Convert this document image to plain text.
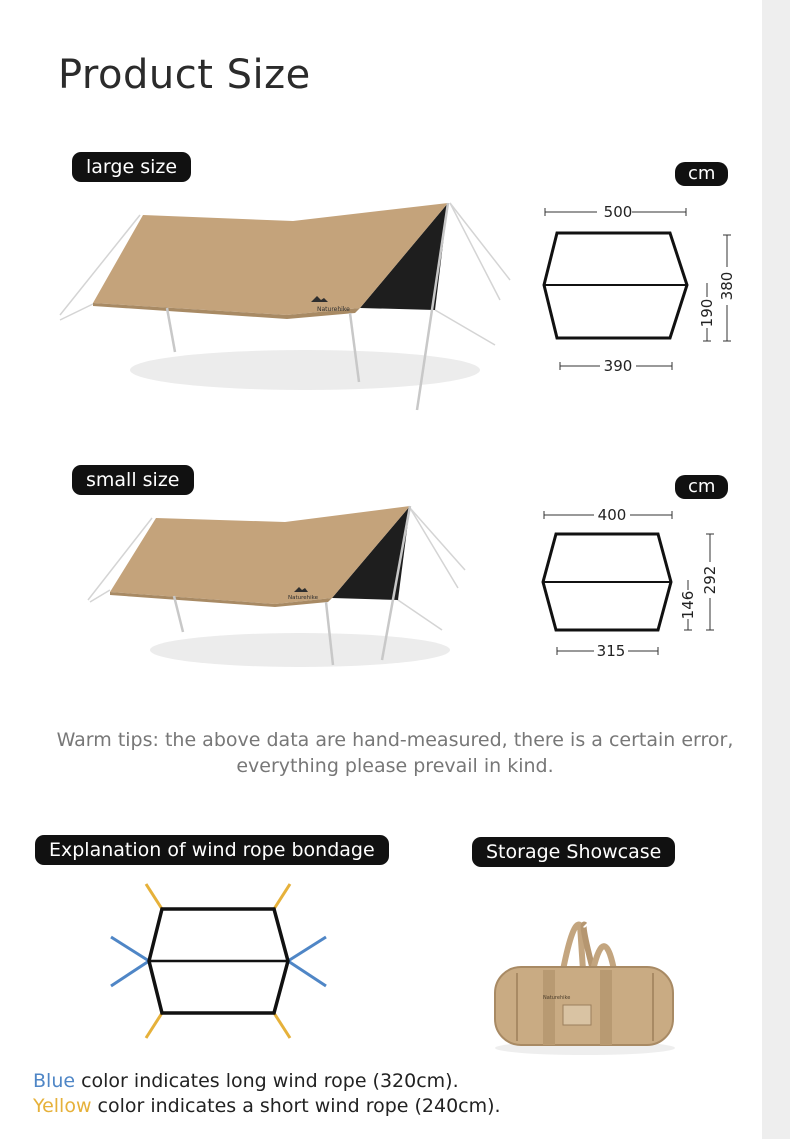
Product Size
large size
Naturehike
cm
500
390
190
380
small size
Naturehike
cm
400
315
146
292
Warm tips: the above data are hand-measured, there is a certain error,
everything please prevail in kind.
Explanation of wind rope bondage	Storage Showcase
Naturehike
Blue color indicates long wind rope (320cm).
Yellow color indicates a short wind rope (240cm).
